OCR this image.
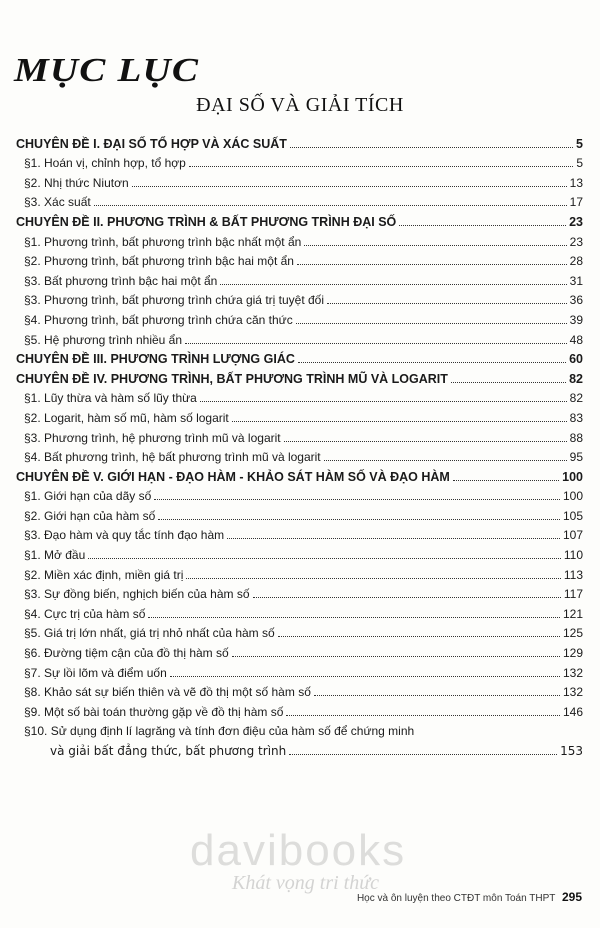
MỤC LỤC
ĐẠI SỐ VÀ GIẢI TÍCH
CHUYÊN ĐỀ I. ĐẠI SỐ TỔ HỢP VÀ XÁC SUẤT	5
§1. Hoán vị, chỉnh hợp, tổ hợp	5
§2. Nhị thức Niutơn	13
§3. Xác suất	17
CHUYÊN ĐỀ II. PHƯƠNG TRÌNH & BẤT PHƯƠNG TRÌNH ĐẠI SỐ	23
§1. Phương trình, bất phương trình bậc nhất một ẩn	23
§2. Phương trình, bất phương trình bậc hai một ẩn	28
§3. Bất phương trình bậc hai một ẩn	31
§3. Phương trình, bất phương trình chứa giá trị tuyệt đối	36
§4. Phương trình, bất phương trình chứa căn thức	39
§5. Hệ phương trình nhiều ẩn	48
CHUYÊN ĐỀ III. PHƯƠNG TRÌNH LƯỢNG GIÁC	60
CHUYÊN ĐỀ IV. PHƯƠNG TRÌNH, BẤT PHƯƠNG TRÌNH MŨ VÀ LOGARIT	82
§1. Lũy thừa và hàm số lũy thừa	82
§2. Logarit, hàm số mũ, hàm số logarit	83
§3. Phương trình, hệ phương trình mũ và logarit	88
§4. Bất phương trình, hệ bất phương trình mũ và logarit	95
CHUYÊN ĐỀ V. GIỚI HẠN - ĐẠO HÀM - KHẢO SÁT HÀM SỐ VÀ ĐẠO HÀM	100
§1. Giới hạn của dãy số	100
§2. Giới hạn của hàm số	105
§3. Đạo hàm và quy tắc tính đạo hàm	107
§1. Mở đầu	110
§2. Miền xác định, miền giá trị	113
§3. Sự đồng biến, nghịch biến của hàm số	117
§4. Cực trị của hàm số	121
§5. Giá trị lớn nhất, giá trị nhỏ nhất của hàm số	125
§6. Đường tiệm cận của đồ thị hàm số	129
§7. Sự lồi lõm và điểm uốn	132
§8. Khảo sát sự biến thiên và vẽ đồ thị một số hàm số	132
§9. Một số bài toán thường gặp về đồ thị hàm số	146
§10. Sử dụng định lí lagrăng và tính đơn điệu của hàm số để chứng minh
và giải bất đẳng thức, bất phương trình	153
davibooks
Khát vọng tri thức
Học và ôn luyện theo CTĐT môn Toán THPT 295
